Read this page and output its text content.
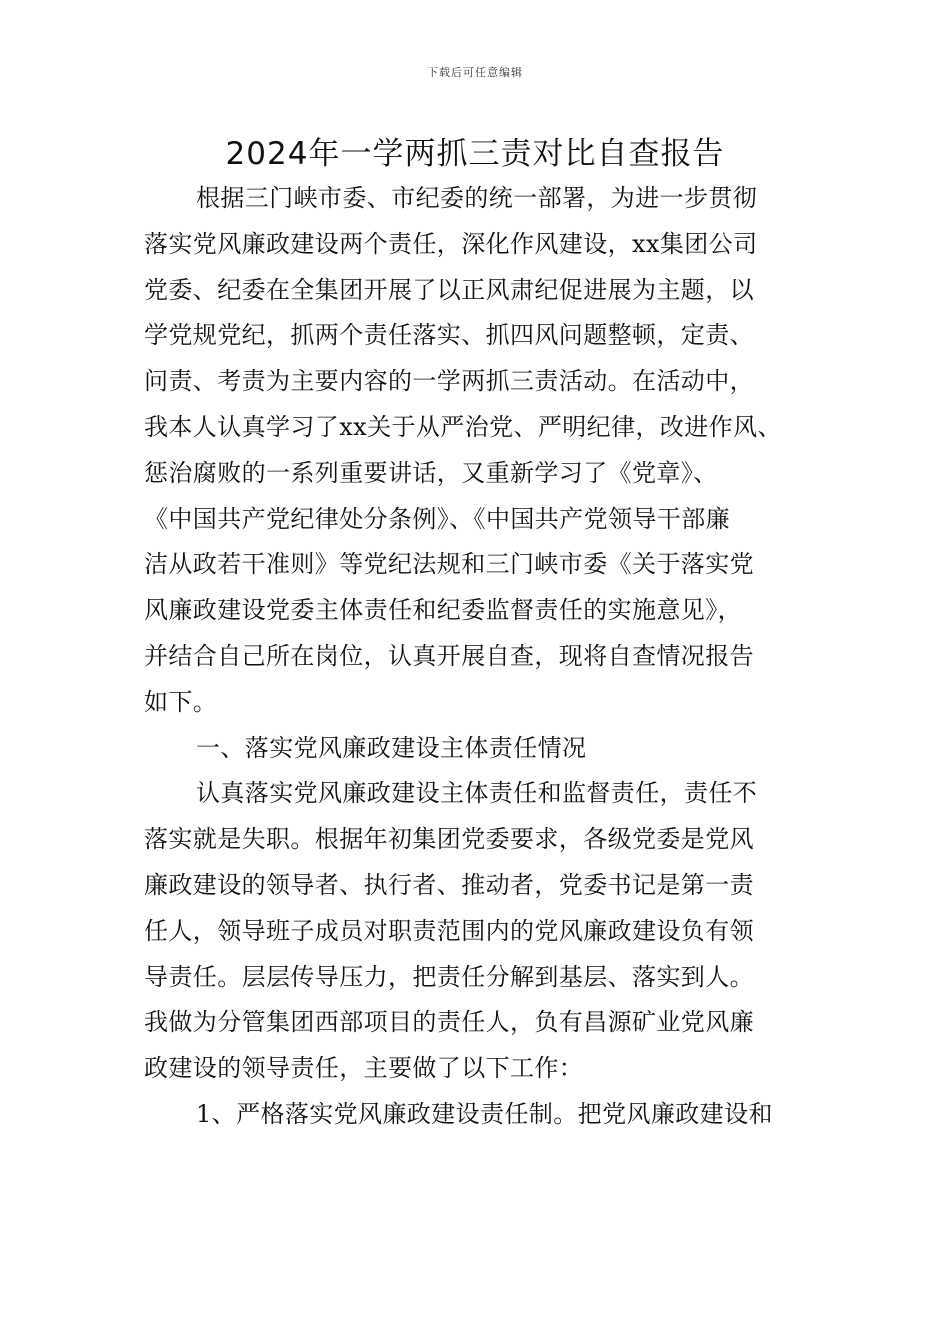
下载后可任意编辑
2024年一学两抓三责对比自查报告
根据三门峡市委、市纪委的统一部署，为进一步贯彻
落实党风廉政建设两个责任，深化作风建设，xx集团公司
党委、纪委在全集团开展了以正风肃纪促进展为主题，以
学党规党纪，抓两个责任落实、抓四风问题整顿，定责、
问责、考责为主要内容的一学两抓三责活动。在活动中，
我本人认真学习了xx关于从严治党、严明纪律，改进作风、
惩治腐败的一系列重要讲话，又重新学习了《党章》、
《中国共产党纪律处分条例》、《中国共产党领导干部廉
洁从政若干准则》等党纪法规和三门峡市委《关于落实党
风廉政建设党委主体责任和纪委监督责任的实施意见》，
并结合自己所在岗位，认真开展自查，现将自查情况报告
如下。
一、落实党风廉政建设主体责任情况
认真落实党风廉政建设主体责任和监督责任，责任不
落实就是失职。根据年初集团党委要求，各级党委是党风
廉政建设的领导者、执行者、推动者，党委书记是第一责
任人，领导班子成员对职责范围内的党风廉政建设负有领
导责任。层层传导压力，把责任分解到基层、落实到人。
我做为分管集团西部项目的责任人，负有昌源矿业党风廉
政建设的领导责任，主要做了以下工作：
1、严格落实党风廉政建设责任制。把党风廉政建设和
